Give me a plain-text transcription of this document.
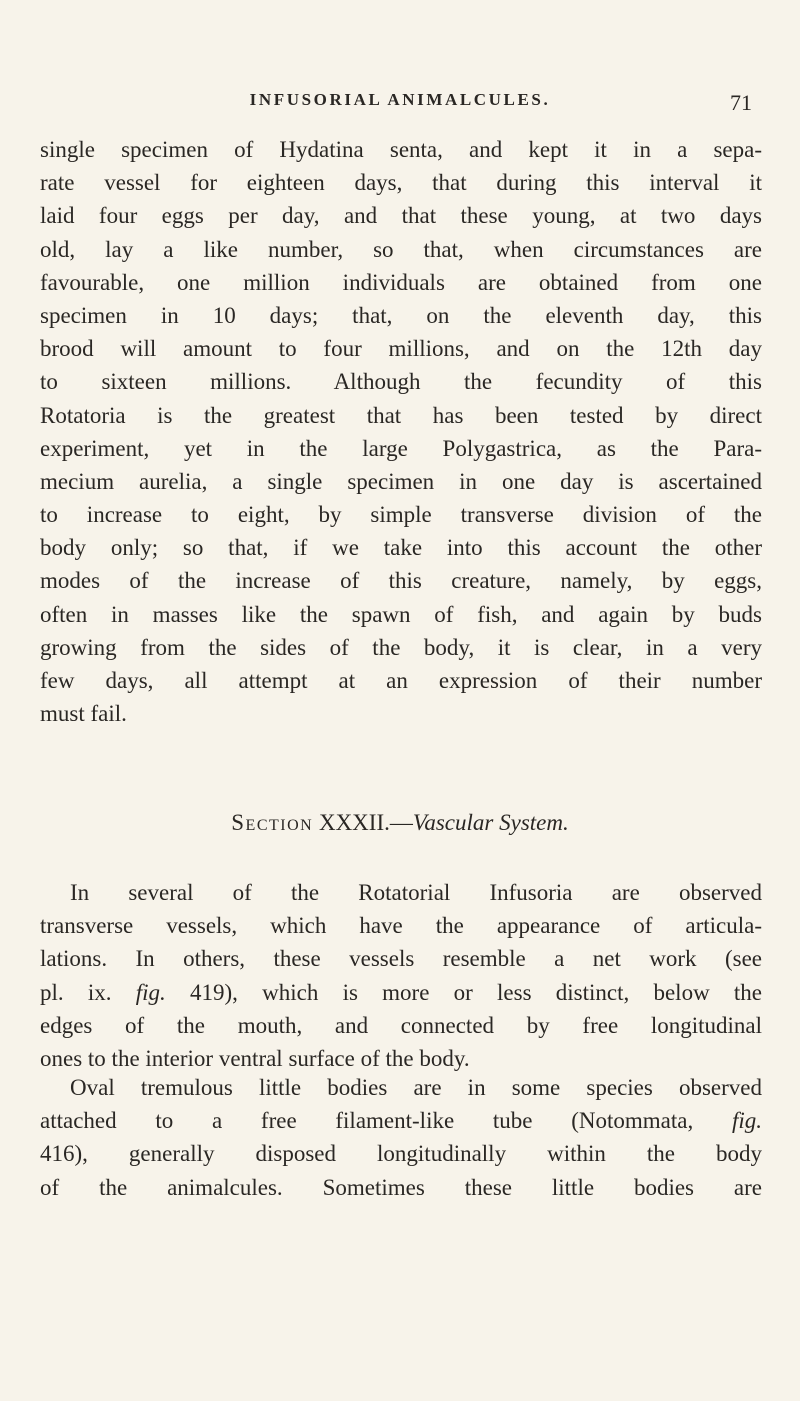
INFUSORIAL ANIMALCULES.	71
single specimen of Hydatina senta, and kept it in a sepa-
rate vessel for eighteen days, that during this interval it
laid four eggs per day, and that these young, at two days
old, lay a like number, so that, when circumstances are
favourable, one million individuals are obtained from one
specimen in 10 days; that, on the eleventh day, this
brood will amount to four millions, and on the 12th day
to sixteen millions. Although the fecundity of this
Rotatoria is the greatest that has been tested by direct
experiment, yet in the large Polygastrica, as the Para-
mecium aurelia, a single specimen in one day is ascertained
to increase to eight, by simple transverse division of the
body only; so that, if we take into this account the other
modes of the increase of this creature, namely, by eggs,
often in masses like the spawn of fish, and again by buds
growing from the sides of the body, it is clear, in a very
few days, all attempt at an expression of their number
must fail.
Section XXXII.—Vascular System.
In several of the Rotatorial Infusoria are observed
transverse vessels, which have the appearance of articula-
lations. In others, these vessels resemble a net work (see
pl. ix. fig. 419), which is more or less distinct, below the
edges of the mouth, and connected by free longitudinal
ones to the interior ventral surface of the body.
Oval tremulous little bodies are in some species observed
attached to a free filament-like tube (Notommata, fig.
416), generally disposed longitudinally within the body
of the animalcules. Sometimes these little bodies are
